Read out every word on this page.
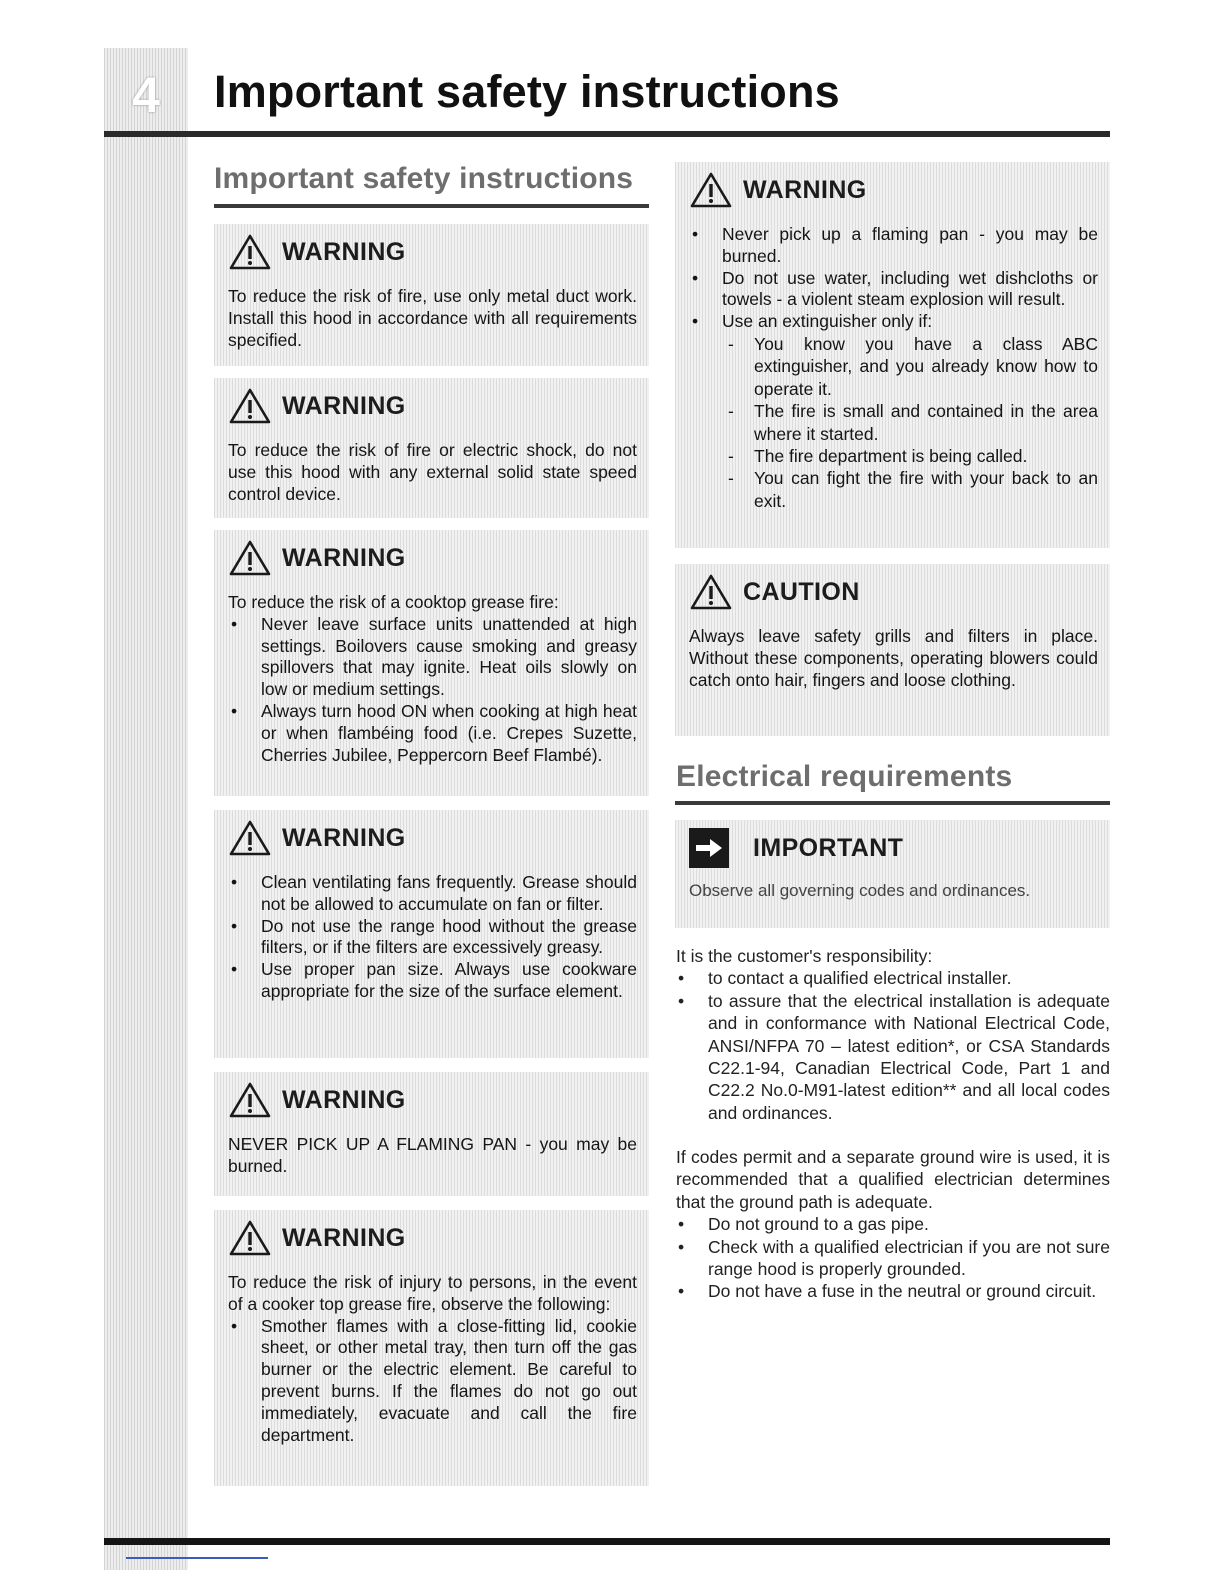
4	Important safety instructions
Important safety instructions
WARNING

To reduce the risk of fire, use only metal duct work. Install this hood in accordance with all requirements specified.

WARNING

To reduce the risk of fire or electric shock, do not use this hood with any external solid state speed control device.

WARNING

To reduce the risk of a cooktop grease fire:

• Never leave surface units unattended at high settings. Boilovers cause smoking and greasy spillovers that may ignite. Heat oils slowly on low or medium settings.
• Always turn hood ON when cooking at high heat or when flambéing food (i.e. Crepes Suzette, Cherries Jubilee, Peppercorn Beef Flambé).
WARNING
• Clean ventilating fans frequently. Grease should not be allowed to accumulate on fan or filter.
• Do not use the range hood without the grease filters, or if the filters are excessively greasy.
• Use proper pan size. Always use cookware appropriate for the size of the surface element.
WARNING

NEVER PICK UP A FLAMING PAN - you may be burned.

WARNING

To reduce the risk of injury to persons, in the event of a cooker top grease fire, observe the following:

• Smother flames with a close-fitting lid, cookie sheet, or other metal tray, then turn off the gas burner or the electric element. Be careful to prevent burns. If the flames do not go out immediately, evacuate and call the fire department.
WARNING
• Never pick up a flaming pan - you may be burned.
• Do not use water, including wet dishcloths or towels - a violent steam explosion will result.
• Use an extinguisher only if:
- You know you have a class ABC extinguisher, and you already know how to operate it.
- The fire is small and contained in the area where it started.
- The fire department is being called.
- You can fight the fire with your back to an exit.
CAUTION

Always leave safety grills and filters in place. Without these components, operating blowers could catch onto hair, fingers and loose clothing.

Electrical requirements
IMPORTANT

Observe all governing codes and ordinances.

It is the customer's responsibility:

• to contact a qualified electrical installer.
• to assure that the electrical installation is adequate and in conformance with National Electrical Code, ANSI/NFPA 70 – latest edition*, or CSA Standards C22.1-94, Canadian Electrical Code, Part 1 and C22.2 No.0-M91-latest edition** and all local codes and ordinances.

If codes permit and a separate ground wire is used, it is recommended that a qualified electrician determines that the ground path is adequate.

• Do not ground to a gas pipe.
• Check with a qualified electrician if you are not sure range hood is properly grounded.
• Do not have a fuse in the neutral or ground circuit.
